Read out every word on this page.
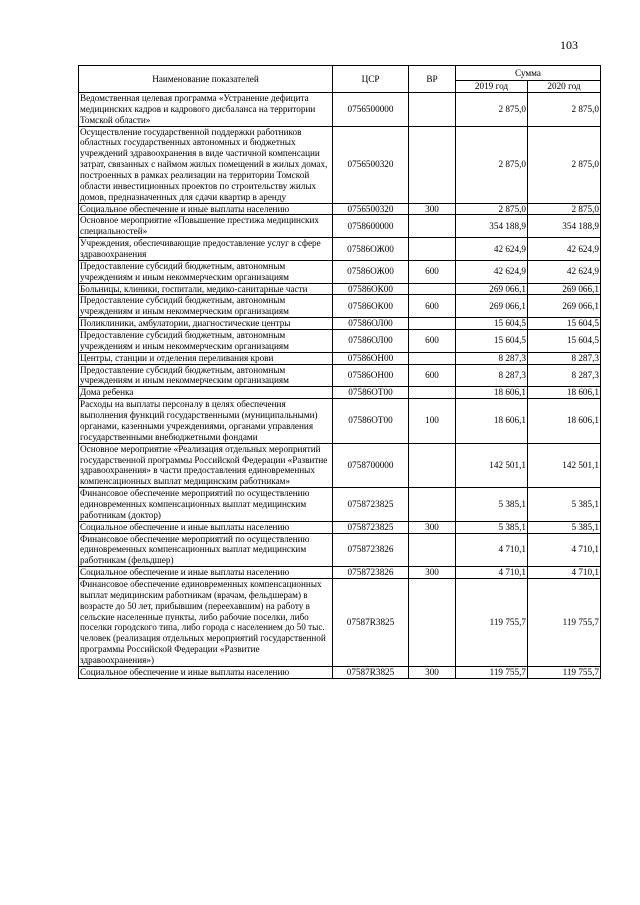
103
Наименование показателей	ЦСР	ВР	Сумма	
			2019 год	2020 год
Ведомственная целевая программа «Устранение дефицита медицинских кадров и кадрового дисбаланса на территории Томской области»	0756500000		2 875,0	2 875,0
Осуществление государственной поддержки работников областных государственных автономных и бюджетных учреждений здравоохранения в виде частичной компенсации затрат, связанных с наймом жилых помещений в жилых домах, построенных в рамках реализации на территории Томской области инвестиционных проектов по строительству жилых домов, предназначенных для сдачи квартир в аренду	0756500320		2 875,0	2 875,0
Социальное обеспечение и иные выплаты населению	0756500320	300	2 875,0	2 875,0
Основное мероприятие «Повышение престижа медицинских специальностей»	0758600000		354 188,9	354 188,9
Учреждения, обеспечивающие предоставление услуг в сфере здравоохранения	07586ОЖ00		42 624,9	42 624,9
Предоставление субсидий бюджетным, автономным учреждениям и иным некоммерческим организациям	07586ОЖ00	600	42 624,9	42 624,9
Больницы, клиники, госпитали, медико-санитарные части	07586ОК00		269 066,1	269 066,1
Предоставление субсидий бюджетным, автономным учреждениям и иным некоммерческим организациям	07586ОК00	600	269 066,1	269 066,1
Поликлиники, амбулатории, диагностические центры	07586ОЛ00		15 604,5	15 604,5
Предоставление субсидий бюджетным, автономным учреждениям и иным некоммерческим организациям	07586ОЛ00	600	15 604,5	15 604,5
Центры, станции и отделения переливания крови	07586ОН00		8 287,3	8 287,3
Предоставление субсидий бюджетным, автономным учреждениям и иным некоммерческим организациям	07586ОН00	600	8 287,3	8 287,3
Дома ребенка	07586ОТ00		18 606,1	18 606,1
Расходы на выплаты персоналу в целях обеспечения выполнения функций государственными (муниципальными) органами, казенными учреждениями, органами управления государственными внебюджетными фондами	07586ОТ00	100	18 606,1	18 606,1
Основное мероприятие «Реализация отдельных мероприятий государственной программы Российской Федерации «Развитие здравоохранения» в части предоставления единовременных компенсационных выплат медицинским работникам»	0758700000		142 501,1	142 501,1
Финансовое обеспечение мероприятий по осуществлению единовременных компенсационных выплат медицинским работникам (доктор)	0758723825		5 385,1	5 385,1
Социальное обеспечение и иные выплаты населению	0758723825	300	5 385,1	5 385,1
Финансовое обеспечение мероприятий по осуществлению единовременных компенсационных выплат медицинским работникам (фельдшер)	0758723826		4 710,1	4 710,1
Социальное обеспечение и иные выплаты населению	0758723826	300	4 710,1	4 710,1
Финансовое обеспечение единовременных компенсационных выплат медицинским работникам (врачам, фельдшерам) в возрасте до 50 лет, прибывшим (переехавшим) на работу в сельские населенные пункты, либо рабочие поселки, либо поселки городского типа, либо города с населением до 50 тыс. человек (реализация отдельных мероприятий государственной программы Российской Федерации «Развитие здравоохранения»)	07587R3825		119 755,7	119 755,7
Социальное обеспечение и иные выплаты населению	07587R3825	300	119 755,7	119 755,7
